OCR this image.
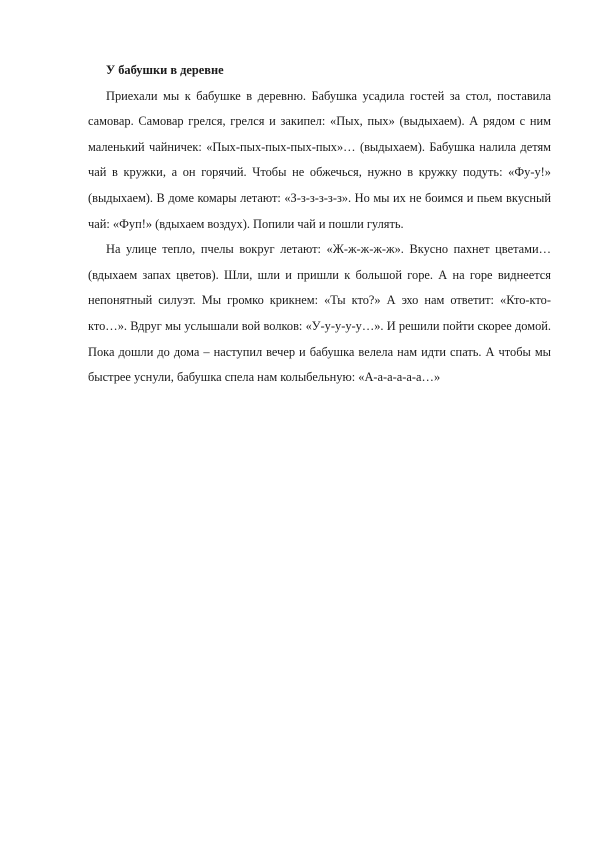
У бабушки в деревне

Приехали мы к бабушке в деревню. Бабушка усадила гостей за стол, поставила самовар. Самовар грелся, грелся и закипел: «Пых, пых» (выдыхаем). А рядом с ним маленький чайничек: «Пых-пых-пых-пых-пых»… (выдыхаем). Бабушка налила детям чай в кружки, а он горячий. Чтобы не обжечься, нужно в кружку подуть: «Фу-у!» (выдыхаем). В доме комары летают: «З-з-з-з-з-з». Но мы их не боимся и пьем вкусный чай: «Фуп!» (вдыхаем воздух). Попили чай и пошли гулять.

На улице тепло, пчелы вокруг летают: «Ж-ж-ж-ж-ж». Вкусно пахнет цветами…(вдыхаем запах цветов). Шли, шли и пришли к большой горе. А на горе виднеется непонятный силуэт. Мы громко крикнем: «Ты кто?» А эхо нам ответит: «Кто-кто-кто…». Вдруг мы услышали вой волков: «У-у-у-у-у…». И решили пойти скорее домой. Пока дошли до дома – наступил вечер и бабушка велела нам идти спать. А чтобы мы быстрее уснули, бабушка спела нам колыбельную: «А-а-а-а-а-а…»
